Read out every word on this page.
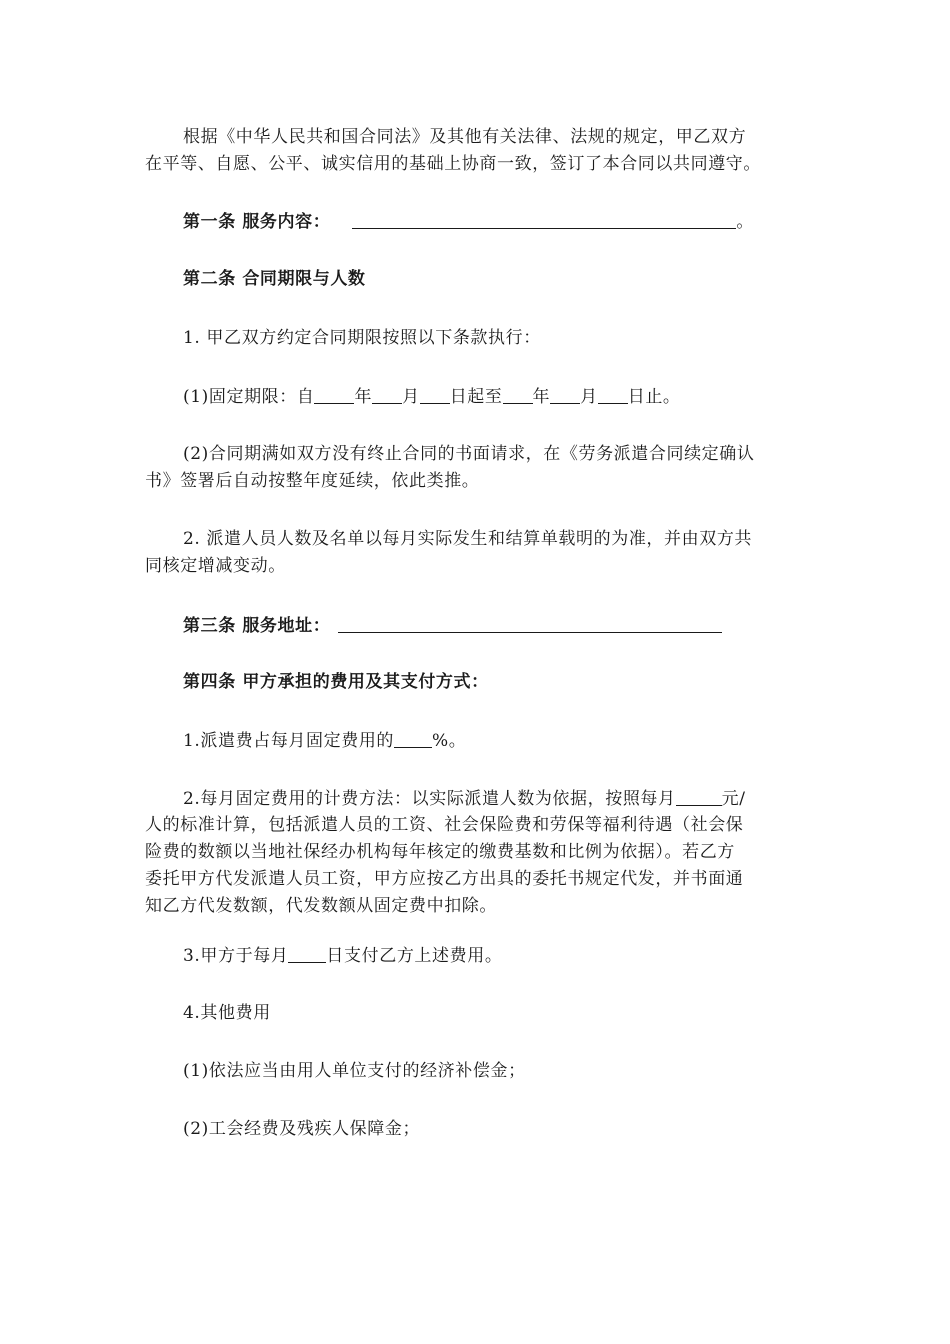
根据《中华人民共和国合同法》及其他有关法律、法规的规定，甲乙双方

在平等、自愿、公平、诚实信用的基础上协商一致，签订了本合同以共同遵守。

第一条 服务内容：	。

第二条 合同期限与人数

1. 甲乙双方约定合同期限按照以下条款执行：

(1)固定期限：自 年 月 日起至 年 月 日止。

(2)合同期满如双方没有终止合同的书面请求，在《劳务派遣合同续定确认

书》签署后自动按整年度延续，依此类推。

2. 派遣人员人数及名单以每月实际发生和结算单载明的为准，并由双方共

同核定增减变动。

第三条 服务地址：

第四条 甲方承担的费用及其支付方式：

1.派遣费占每月固定费用的 %。

2.每月固定费用的计费方法：以实际派遣人数为依据，按照每月	元/

人的标准计算，包括派遣人员的工资、社会保险费和劳保等福利待遇（社会保

险费的数额以当地社保经办机构每年核定的缴费基数和比例为依据）。若乙方

委托甲方代发派遣人员工资，甲方应按乙方出具的委托书规定代发，并书面通

知乙方代发数额，代发数额从固定费中扣除。

3.甲方于每月 日支付乙方上述费用。

4.其他费用

(1)依法应当由用人单位支付的经济补偿金；

(2)工会经费及残疾人保障金；
